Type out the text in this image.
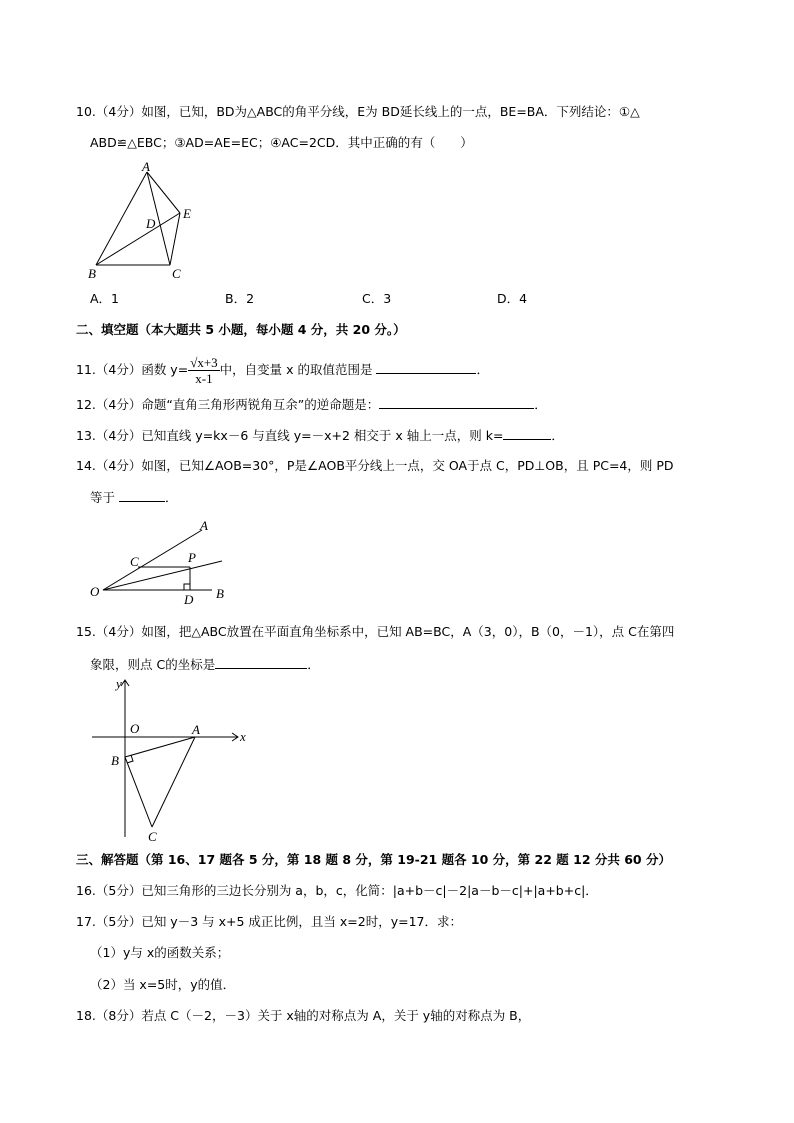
10.（4分）如图，已知，BD为△ABC的角平分线，E为 BD延长线上的一点，BE=BA．下列结论：①△
ABD≌△EBC；③AD=AE=EC；④AC=2CD．其中正确的有（　　）
A
B	C
D
E
A
C	P
O
D B
y
O	A	x
B
C
A．1	B．2	C．3	D．4
二、填空题（本大题共 5 小题，每小题 4 分，共 20 分。）
11.（4分）函数 $y= \frac{√x+3}{x-1}$ 中，自变量 x 的取值范围是	．
12.（4分）命题“直角三角形两锐角互余”的逆命题是：	．
13.（4分）已知直线 y=kx－6 与直线 y=－x+2 相交于 x 轴上一点，则 k=	．
14.（4分）如图，已知∠AOB=30°，P是∠AOB平分线上一点，交 OA于点 C，PD⊥OB，且 PC=4，则 PD
等于	．
15.（4分）如图，把△ABC放置在平面直角坐标系中，已知 AB=BC，A（3，0），B（0，－1），点 C在第四
象限，则点 C的坐标是	．
三、解答题（第 16、17 题各 5 分，第 18 题 8 分，第 19-21 题各 10 分，第 22 题 12 分共 60 分）
16.（5分）已知三角形的三边长分别为 a，b，c，化简：|a+b－c|－2|a－b－c|+|a+b+c|．
17.（5分）已知 y－3 与 x+5 成正比例，且当 x=2时，y=17．求：
（1）y与 x的函数关系；
（2）当 x=5时，y的值．
18.（8分）若点 C（－2，－3）关于 x轴的对称点为 A，关于 y轴的对称点为 B，
